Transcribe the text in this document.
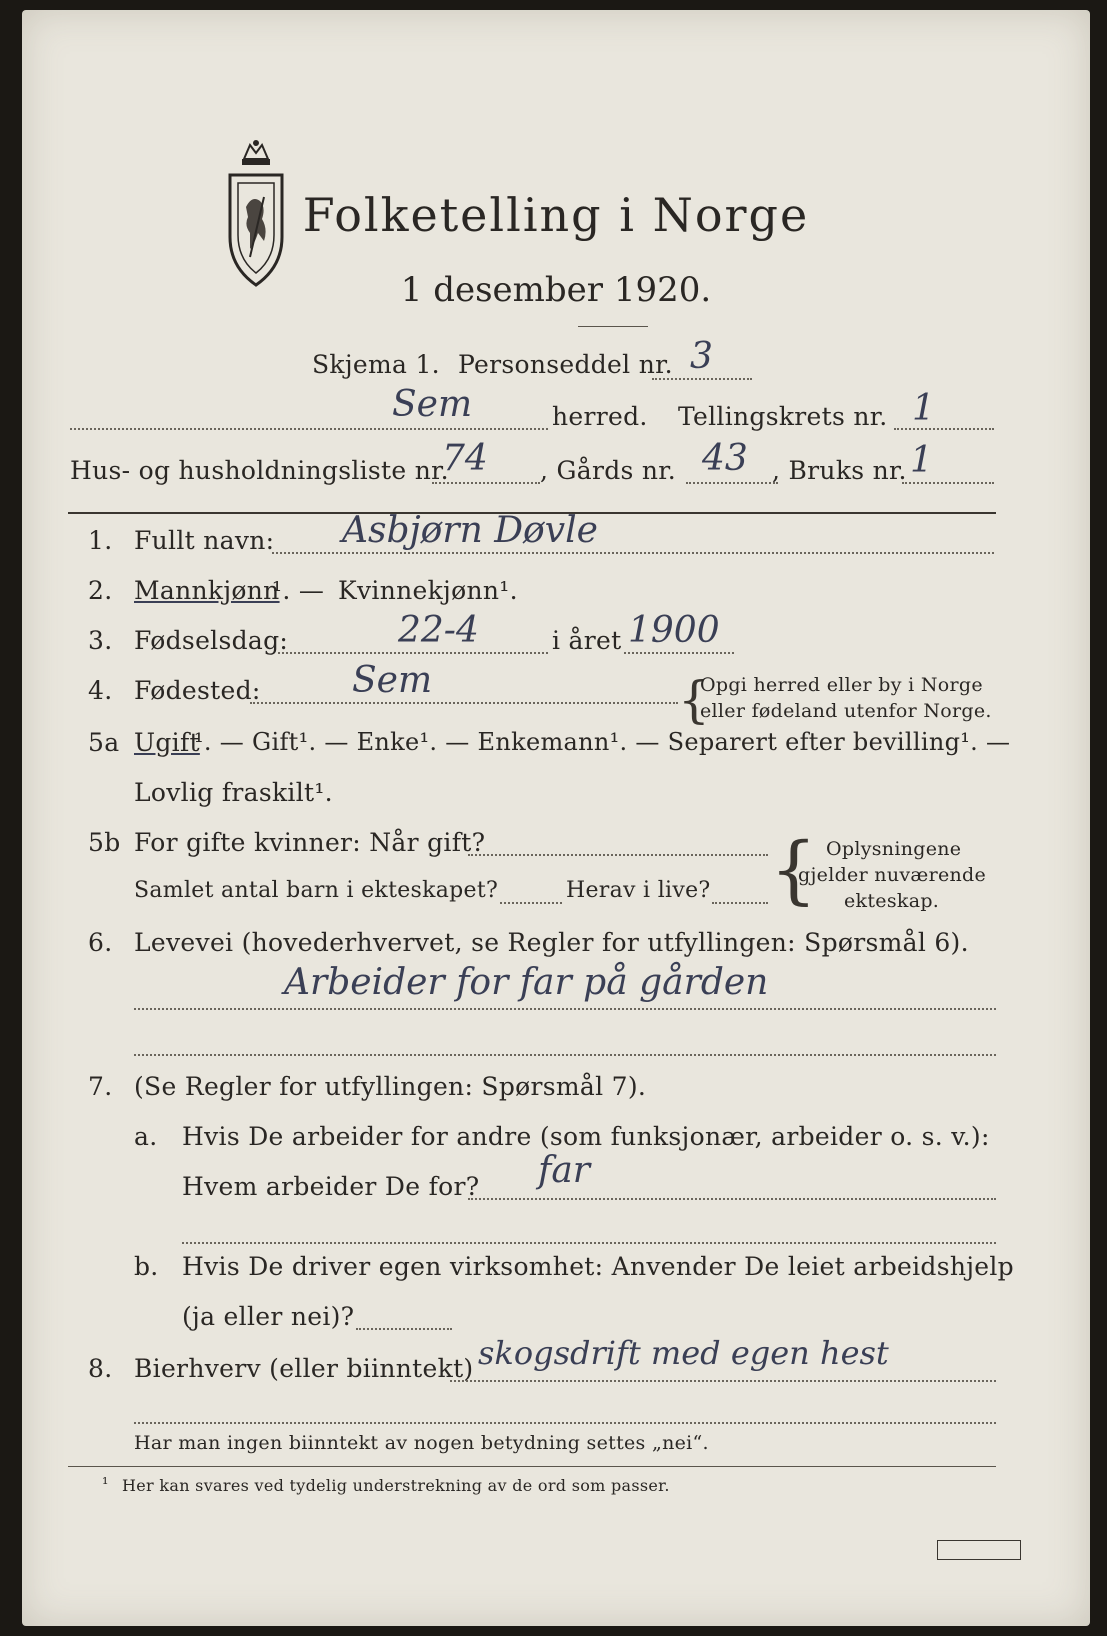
Folketelling i Norge
1 desember 1920.
Skjema 1. Personseddel nr. 3
Sem	herred. Tellingskrets nr. 1
Hus- og husholdningsliste nr.
74 , Gårds nr. 43 , Bruks nr. 1
1. Fullt navn: Asbjørn Døvle
2. Mannkjønn
¹. — Kvinnekjønn¹.
3. Fødselsdag:	22-4	i året 1900
4. Fødested:	Sem	{
Opgi herred eller by i Norge
eller fødeland utenfor Norge.
5a Ugift
¹. — Gift¹. — Enke¹. — Enkemann¹. — Separert efter bevilling¹. —
Lovlig fraskilt¹.
5b For gifte kvinner: Når gift?
Samlet antal barn i ekteskapet?	Herav i live? { Oplysningene
gjelder nuværende
ekteskap.
6. Levevei (hovederhvervet, se Regler for utfyllingen: Spørsmål 6).
Arbeider for far på gården
7. (Se Regler for utfyllingen: Spørsmål 7).
a. Hvis De arbeider for andre (som funksjonær, arbeider o. s. v.):
Hvem arbeider De for? far
b. Hvis De driver egen virksomhet: Anvender De leiet arbeidshjelp
(ja eller nei)?
8. Bierhverv (eller biinntekt) skogsdrift med egen hest
Har man ingen biinntekt av nogen betydning settes „nei“.
¹ Her kan svares ved tydelig understrekning av de ord som passer.
